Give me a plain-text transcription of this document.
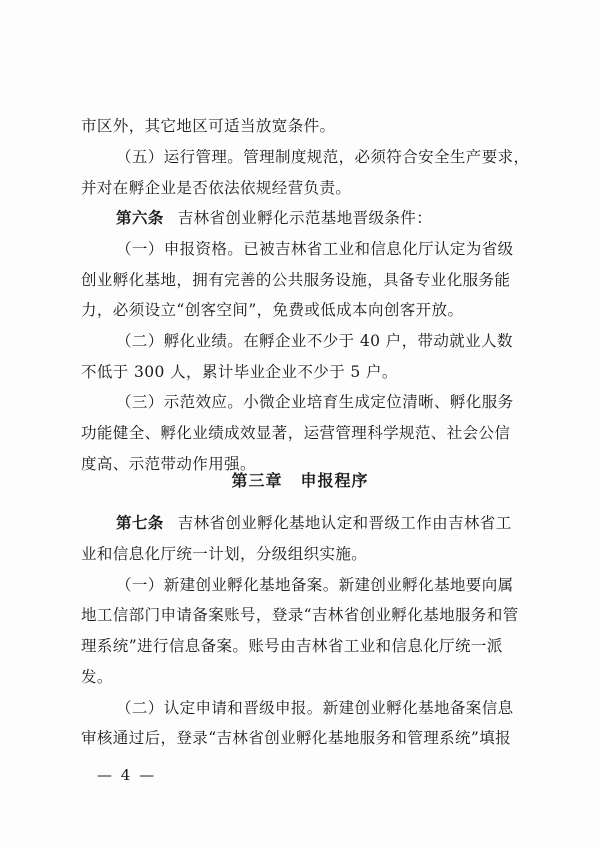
市区外，其它地区可适当放宽条件。
（五）运行管理。管理制度规范，必须符合安全生产要求，
并对在孵企业是否依法依规经营负责。
第六条 吉林省创业孵化示范基地晋级条件：
（一）申报资格。已被吉林省工业和信息化厅认定为省级
创业孵化基地，拥有完善的公共服务设施，具备专业化服务能
力，必须设立“创客空间”，免费或低成本向创客开放。
（二）孵化业绩。在孵企业不少于 40 户，带动就业人数
不低于 300 人，累计毕业企业不少于 5 户。
（三）示范效应。小微企业培育生成定位清晰、孵化服务
功能健全、孵化业绩成效显著，运营管理科学规范、社会公信
度高、示范带动作用强。
第三章 申报程序
第七条 吉林省创业孵化基地认定和晋级工作由吉林省工
业和信息化厅统一计划，分级组织实施。
（一）新建创业孵化基地备案。新建创业孵化基地要向属
地工信部门申请备案账号，登录“吉林省创业孵化基地服务和管
理系统”进行信息备案。账号由吉林省工业和信息化厅统一派
发。
（二）认定申请和晋级申报。新建创业孵化基地备案信息
审核通过后，登录“吉林省创业孵化基地服务和管理系统”填报
— 4 —
